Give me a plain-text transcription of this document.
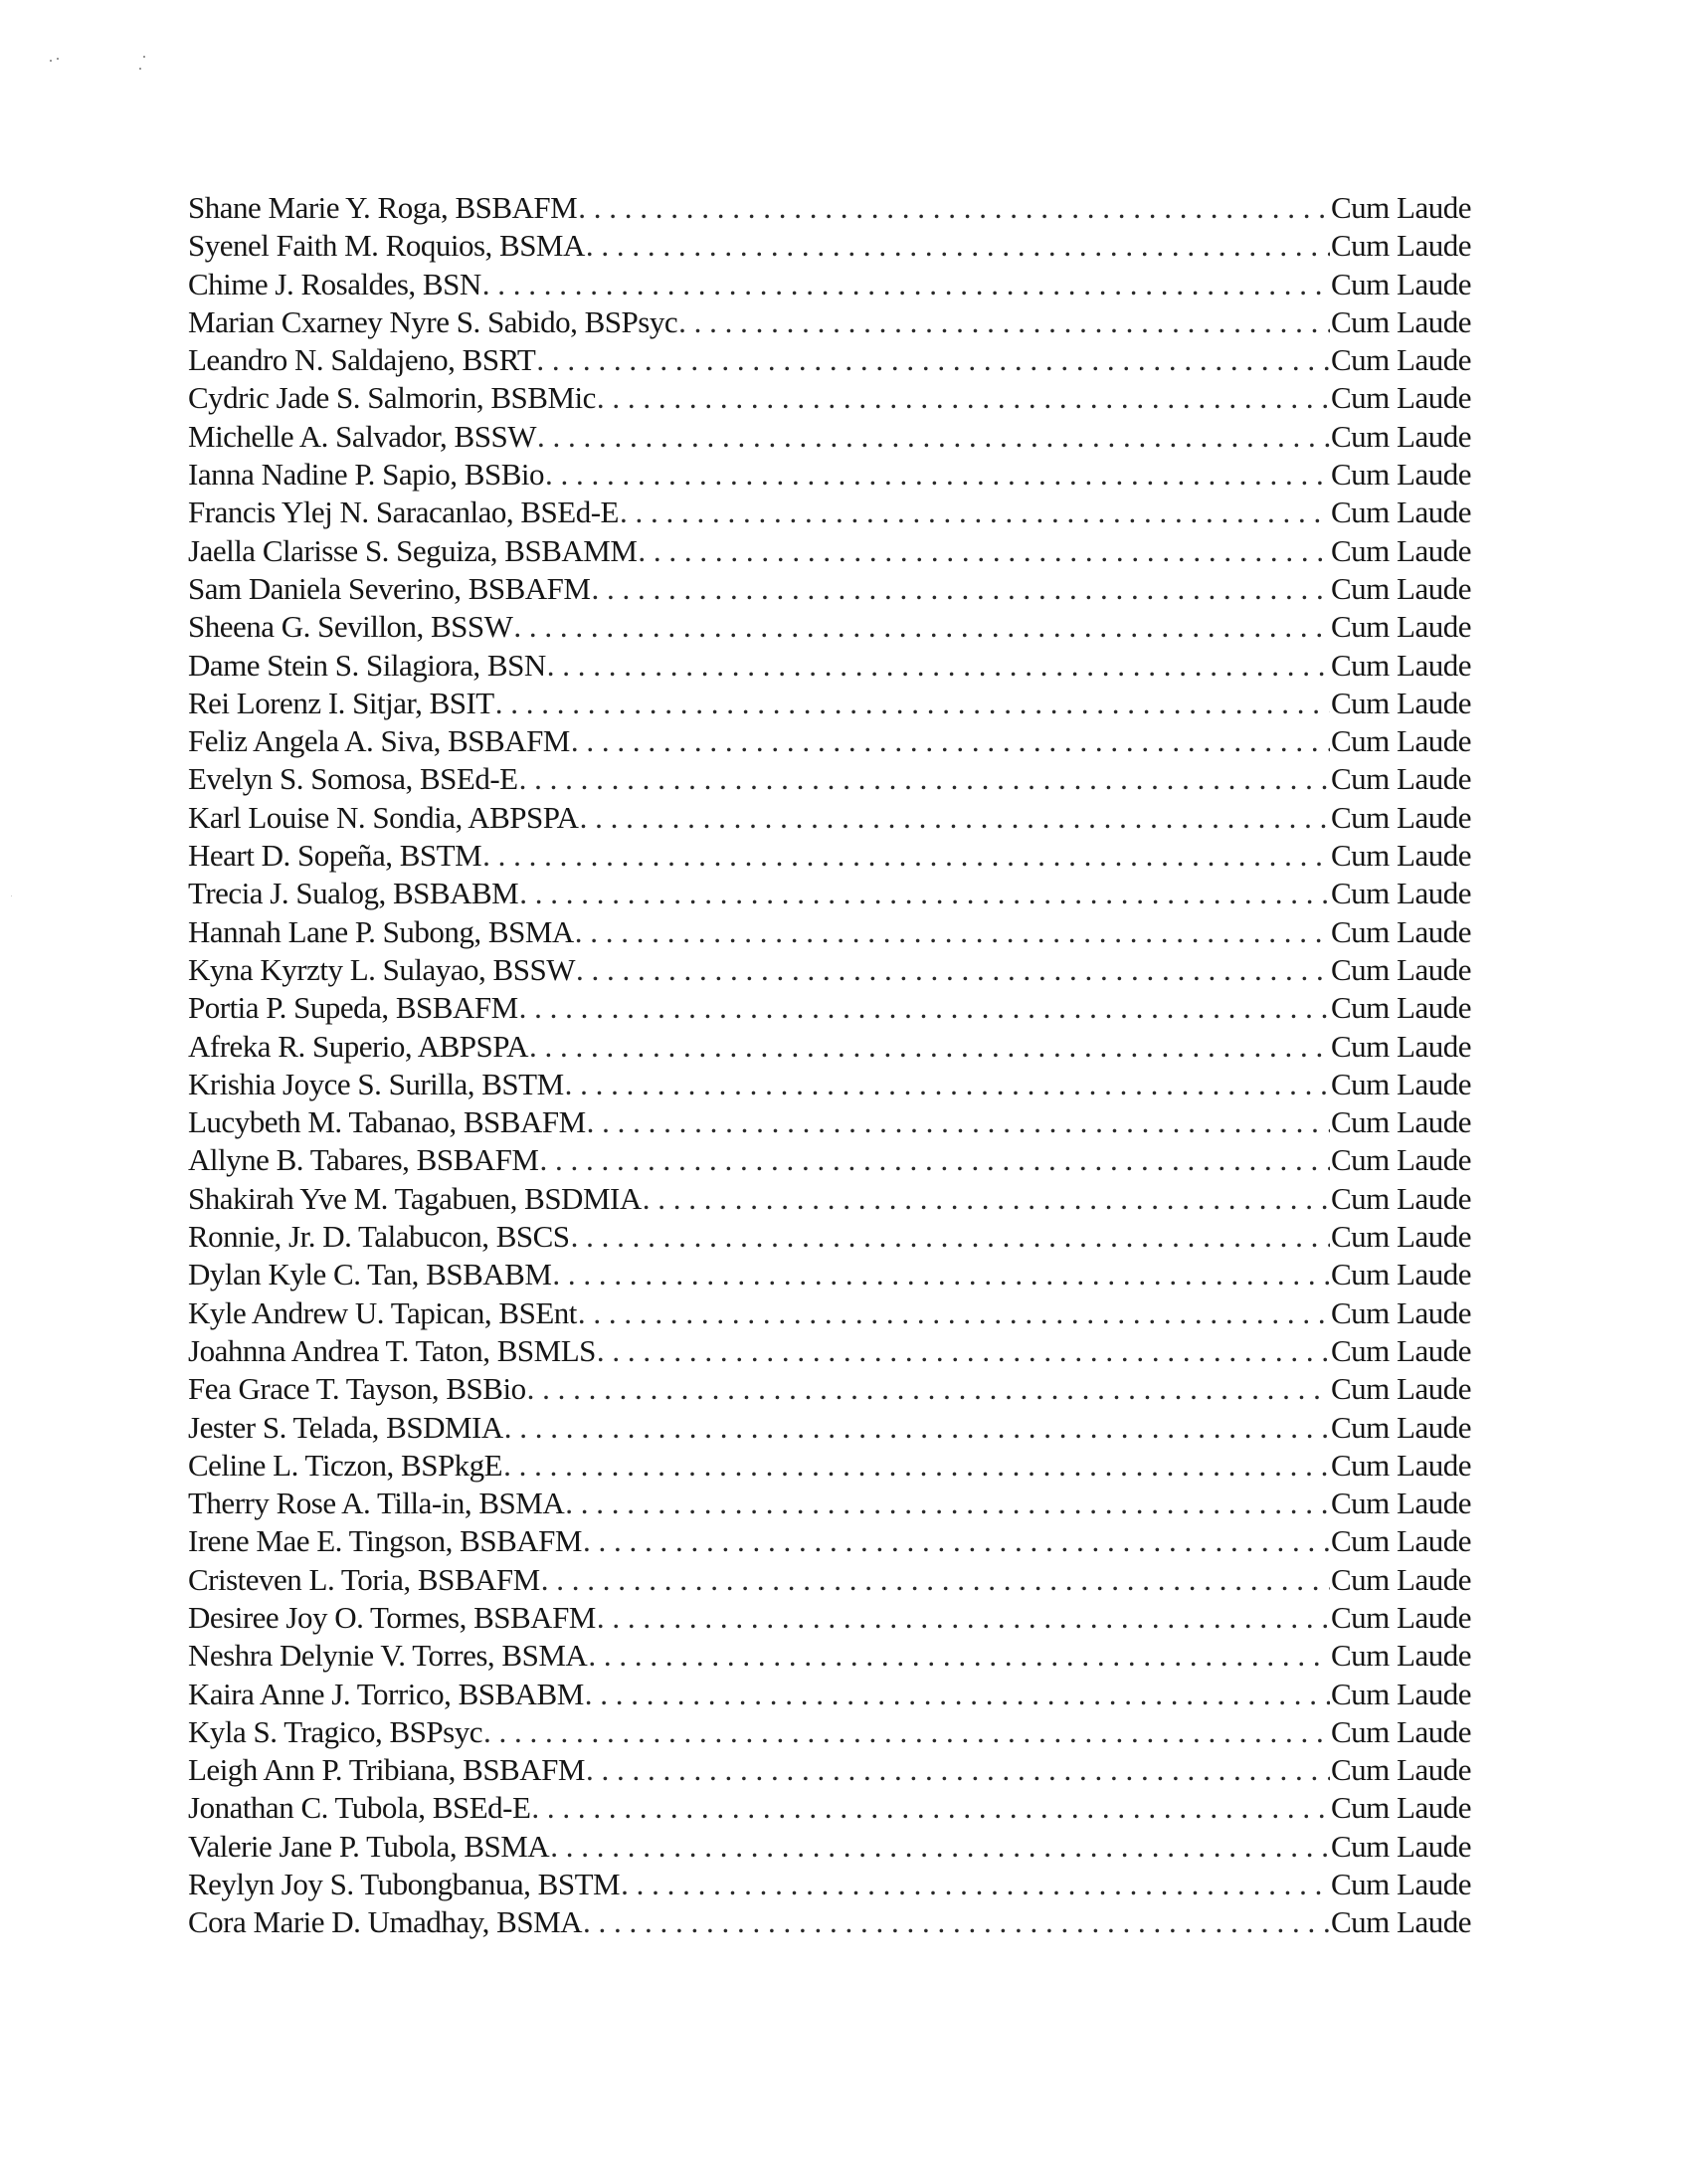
Shane Marie Y. Roga, BSBAFM . . .	Cum Laude
Syenel Faith M. Roquios, BSMA . . .	Cum Laude
Chime J. Rosaldes, BSN . . .	Cum Laude
Marian Cxarney Nyre S. Sabido, BSPsyc . . .	Cum Laude
Leandro N. Saldajeno, BSRT . . .	Cum Laude
Cydric Jade S. Salmorin, BSBMic . . .	Cum Laude
Michelle A. Salvador, BSSW . . .	Cum Laude
Ianna Nadine P. Sapio, BSBio . . .	Cum Laude
Francis Ylej N. Saracanlao, BSEd-E . . .	Cum Laude
Jaella Clarisse S. Seguiza, BSBAMM . . .	Cum Laude
Sam Daniela Severino, BSBAFM . . .	Cum Laude
Sheena G. Sevillon, BSSW . . .	Cum Laude
Dame Stein S. Silagiora, BSN . . .	Cum Laude
Rei Lorenz I. Sitjar, BSIT . . .	Cum Laude
Feliz Angela A. Siva, BSBAFM . . .	Cum Laude
Evelyn S. Somosa, BSEd-E . . .	Cum Laude
Karl Louise N. Sondia, ABPSPA . . .	Cum Laude
Heart D. Sopeña, BSTM . . .	Cum Laude
Trecia J. Sualog, BSBABM . . .	Cum Laude
Hannah Lane P. Subong, BSMA . . .	Cum Laude
Kyna Kyrzty L. Sulayao, BSSW . . .	Cum Laude
Portia P. Supeda, BSBAFM . . .	Cum Laude
Afreka R. Superio, ABPSPA . . .	Cum Laude
Krishia Joyce S. Surilla, BSTM . . .	Cum Laude
Lucybeth M. Tabanao, BSBAFM . . .	Cum Laude
Allyne B. Tabares, BSBAFM . . .	Cum Laude
Shakirah Yve M. Tagabuen, BSDMIA . . .	Cum Laude
Ronnie, Jr. D. Talabucon, BSCS . . .	Cum Laude
Dylan Kyle C. Tan, BSBABM . . .	Cum Laude
Kyle Andrew U. Tapican, BSEnt . . .	Cum Laude
Joahnna Andrea T. Taton, BSMLS . . .	Cum Laude
Fea Grace T. Tayson, BSBio . . .	Cum Laude
Jester S. Telada, BSDMIA . . .	Cum Laude
Celine L. Ticzon, BSPkgE . . .	Cum Laude
Therry Rose A. Tilla-in, BSMA . . .	Cum Laude
Irene Mae E. Tingson, BSBAFM . . .	Cum Laude
Cristeven L. Toria, BSBAFM . . .	Cum Laude
Desiree Joy O. Tormes, BSBAFM . . .	Cum Laude
Neshra Delynie V. Torres, BSMA . . .	Cum Laude
Kaira Anne J. Torrico, BSBABM . . .	Cum Laude
Kyla S. Tragico, BSPsyc . . .	Cum Laude
Leigh Ann P. Tribiana, BSBAFM . . .	Cum Laude
Jonathan C. Tubola, BSEd-E . . .	Cum Laude
Valerie Jane P. Tubola, BSMA . . .	Cum Laude
Reylyn Joy S. Tubongbanua, BSTM . . .	Cum Laude
Cora Marie D. Umadhay, BSMA . . .	Cum Laude
